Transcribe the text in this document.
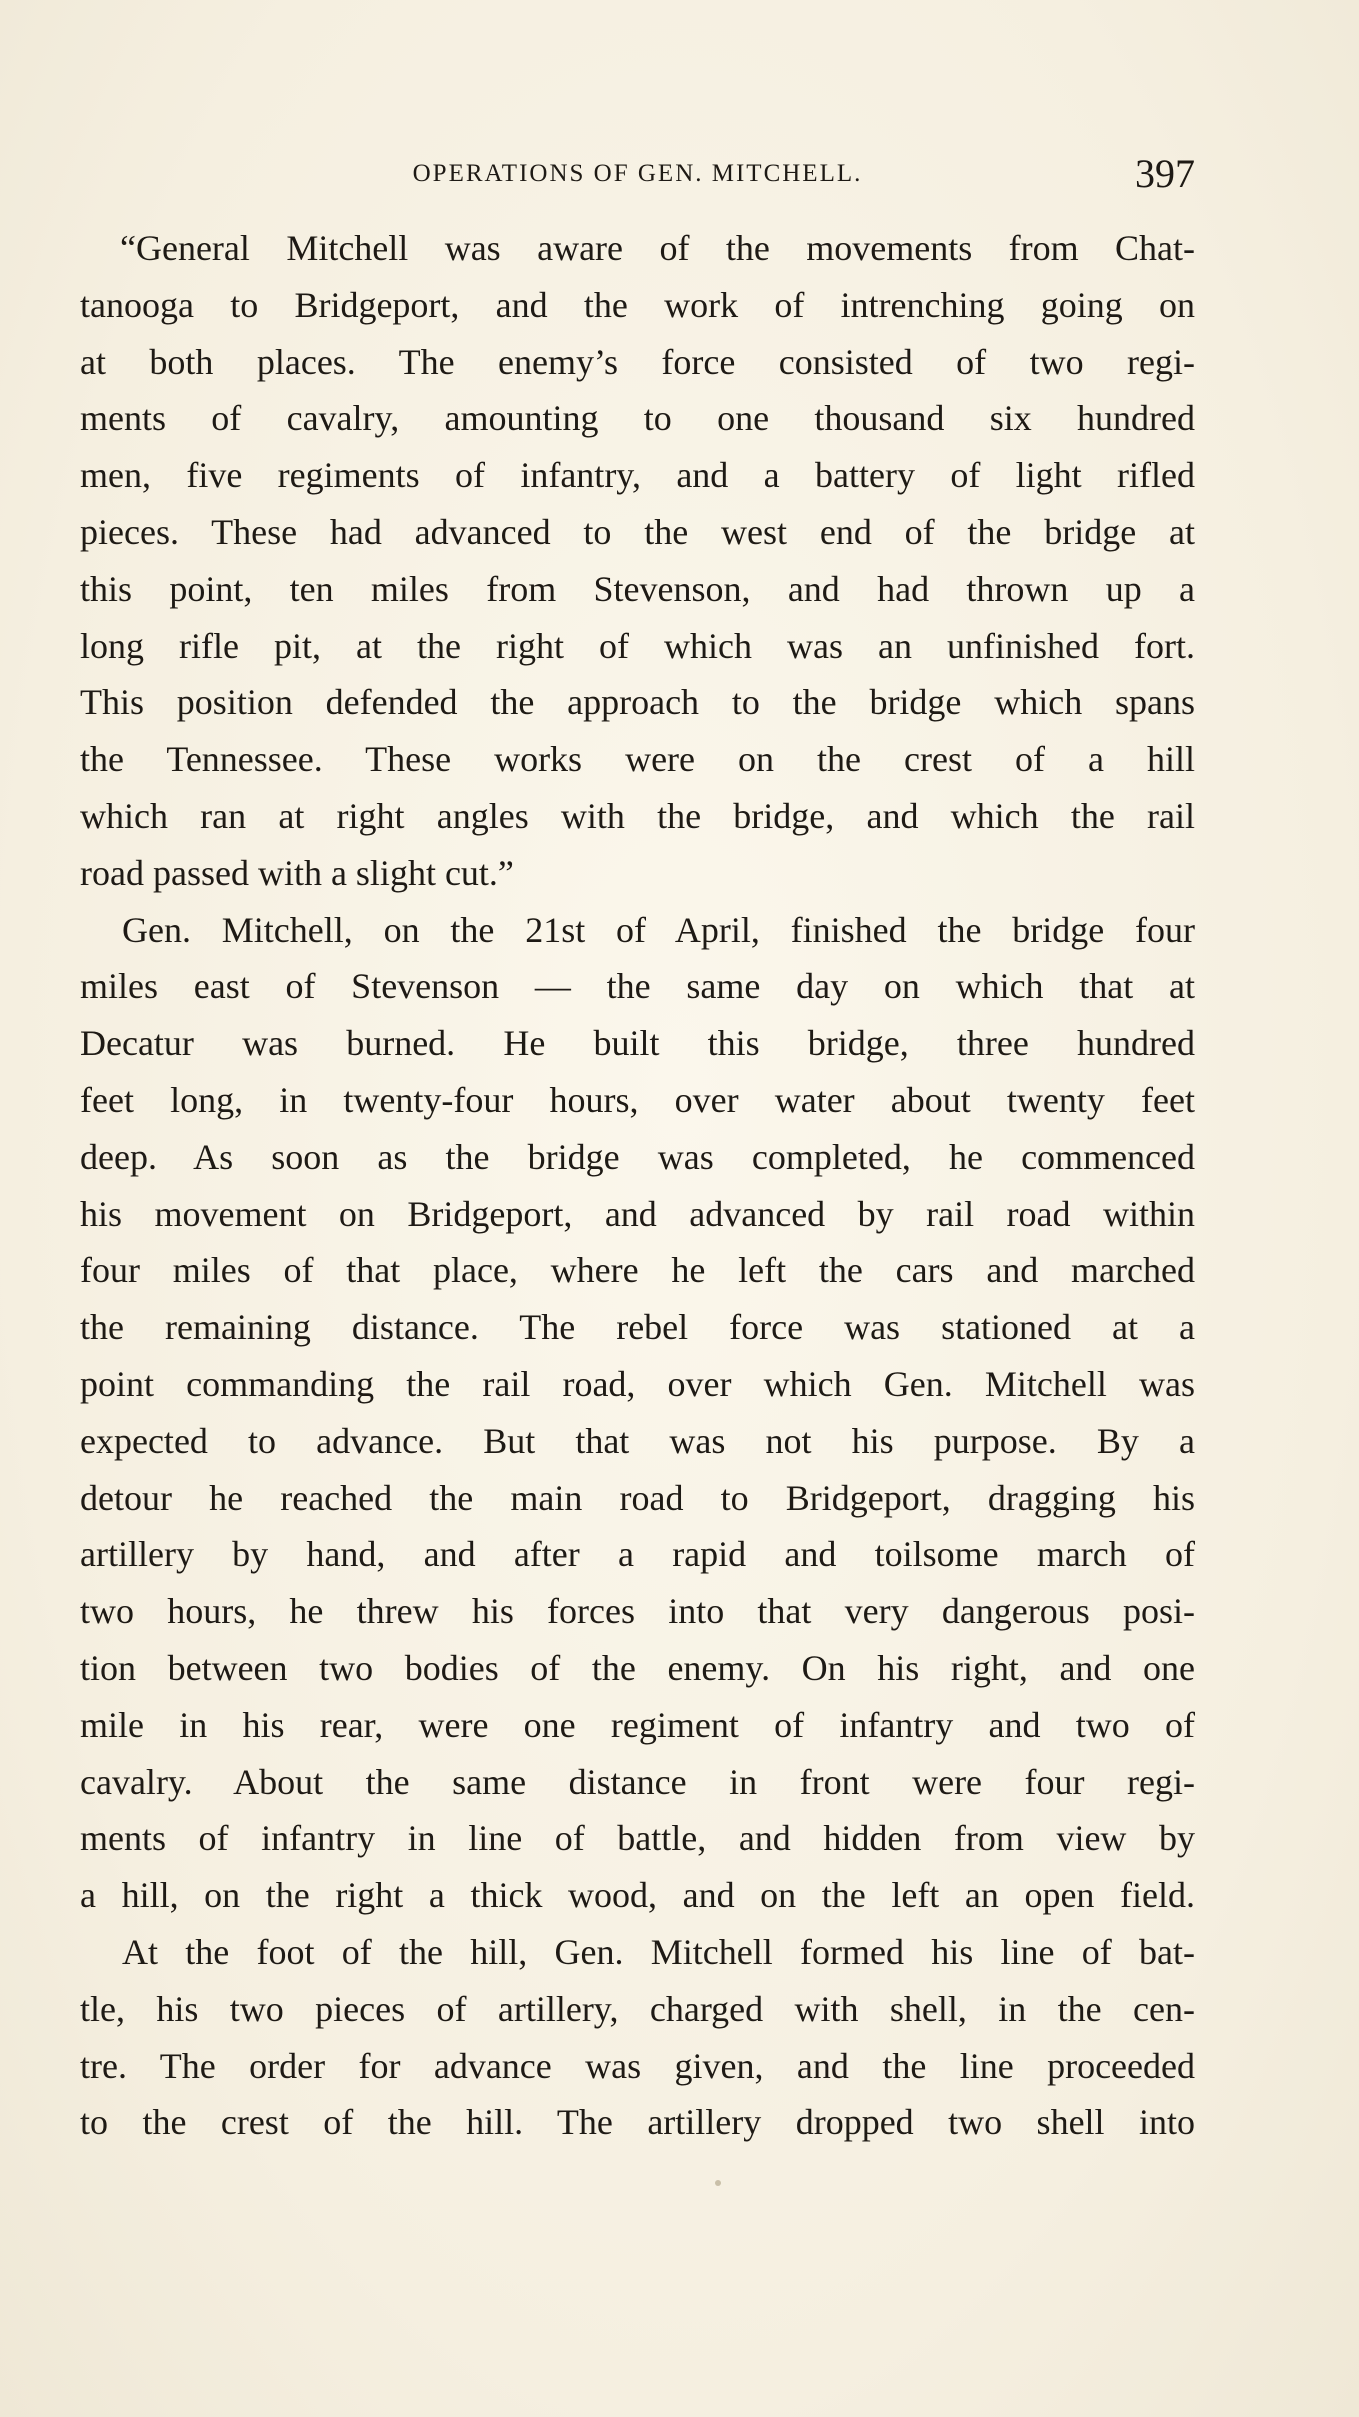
OPERATIONS OF GEN. MITCHELL.	397
“General Mitchell was aware of the movements from Chat-
tanooga to Bridgeport, and the work of intrenching going on
at both places. The enemy’s force consisted of two regi-
ments of cavalry, amounting to one thousand six hundred
men, five regiments of infantry, and a battery of light rifled
pieces. These had advanced to the west end of the bridge at
this point, ten miles from Stevenson, and had thrown up a
long rifle pit, at the right of which was an unfinished fort.
This position defended the approach to the bridge which spans
the Tennessee. These works were on the crest of a hill
which ran at right angles with the bridge, and which the rail
road passed with a slight cut.”
Gen. Mitchell, on the 21st of April, finished the bridge four
miles east of Stevenson — the same day on which that at
Decatur was burned. He built this bridge, three hundred
feet long, in twenty-four hours, over water about twenty feet
deep. As soon as the bridge was completed, he commenced
his movement on Bridgeport, and advanced by rail road within
four miles of that place, where he left the cars and marched
the remaining distance. The rebel force was stationed at a
point commanding the rail road, over which Gen. Mitchell was
expected to advance. But that was not his purpose. By a
detour he reached the main road to Bridgeport, dragging his
artillery by hand, and after a rapid and toilsome march of
two hours, he threw his forces into that very dangerous posi-
tion between two bodies of the enemy. On his right, and one
mile in his rear, were one regiment of infantry and two of
cavalry. About the same distance in front were four regi-
ments of infantry in line of battle, and hidden from view by
a hill, on the right a thick wood, and on the left an open field.
At the foot of the hill, Gen. Mitchell formed his line of bat-
tle, his two pieces of artillery, charged with shell, in the cen-
tre. The order for advance was given, and the line proceeded
to the crest of the hill. The artillery dropped two shell into
